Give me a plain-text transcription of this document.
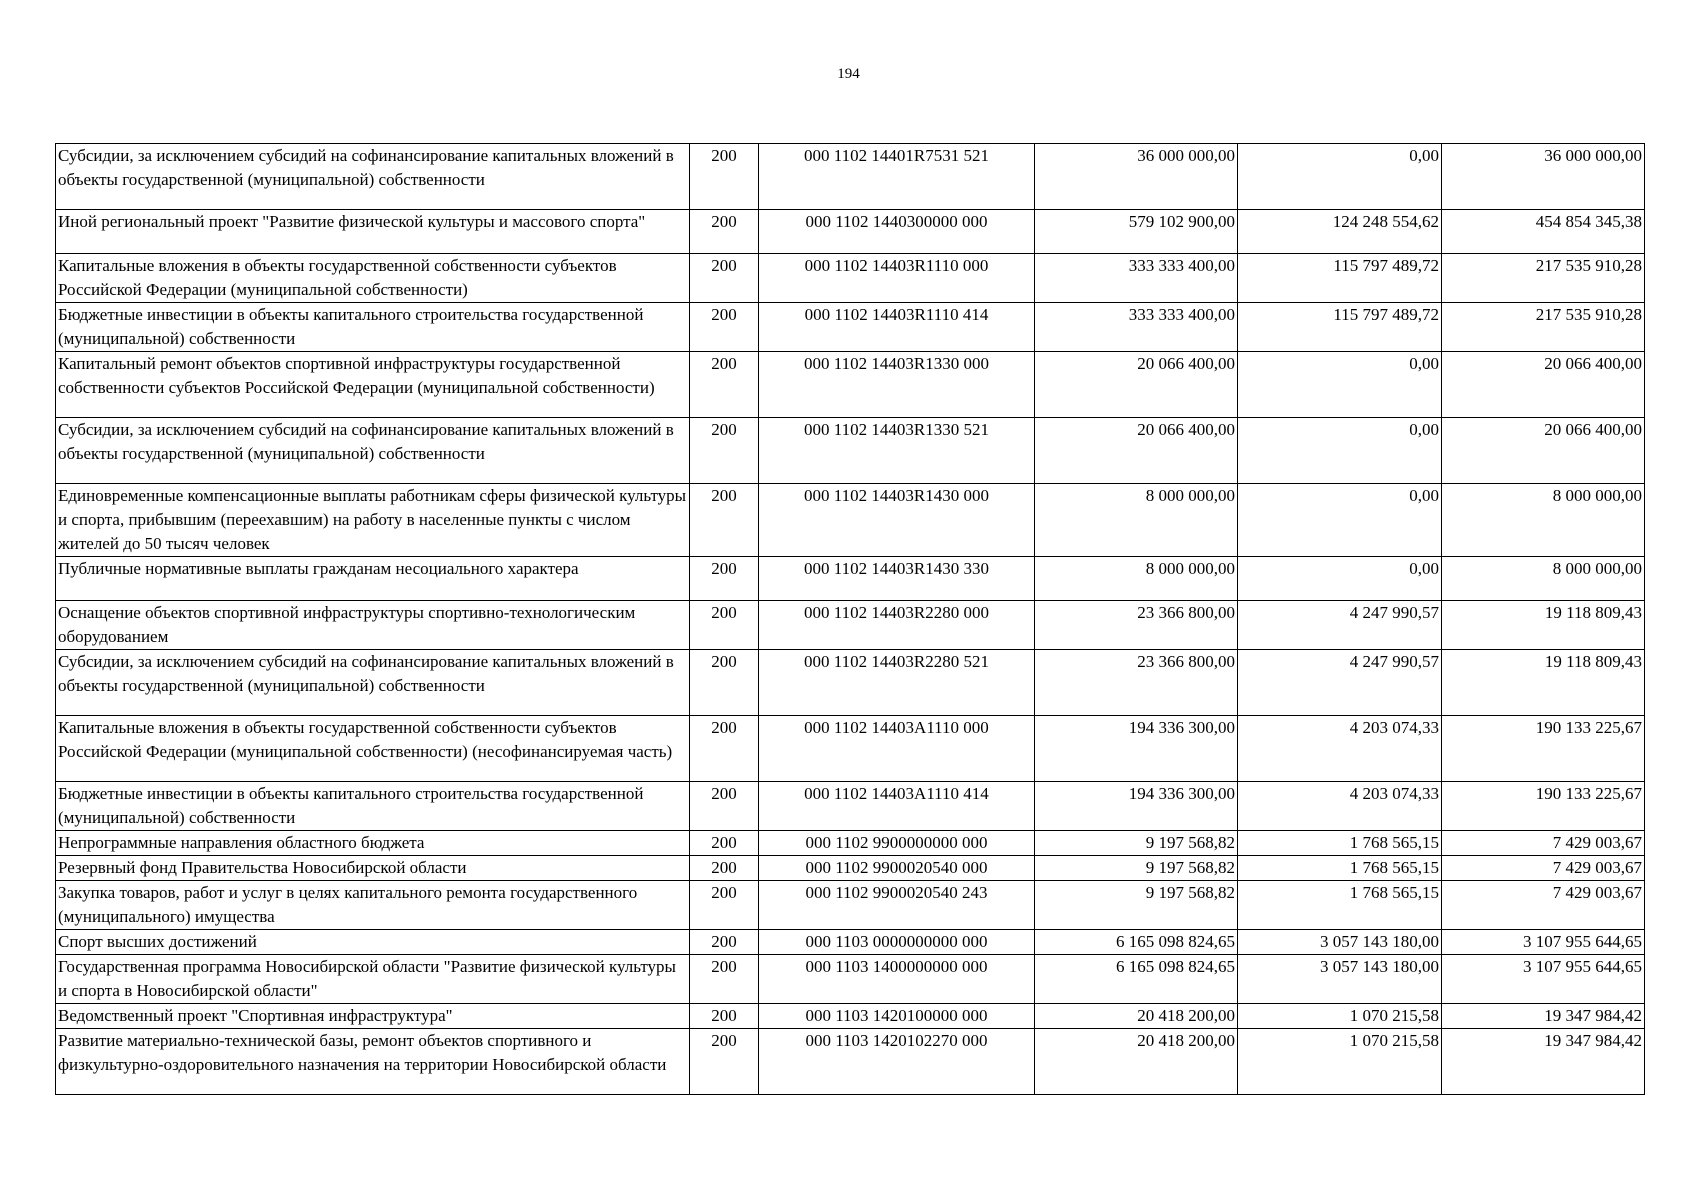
194
Субсидии, за исключением субсидий на софинансирование капитальных вложений в объекты государственной (муниципальной) собственности	200	000 1102 14401R7531 521	36 000 000,00	0,00	36 000 000,00
Иной региональный проект "Развитие физической культуры и массового спорта"	200	000 1102 1440300000 000	579 102 900,00	124 248 554,62	454 854 345,38
Капитальные вложения в объекты государственной собственности субъектов Российской Федерации (муниципальной собственности)	200	000 1102 14403R1110 000	333 333 400,00	115 797 489,72	217 535 910,28
Бюджетные инвестиции в объекты капитального строительства государственной (муниципальной) собственности	200	000 1102 14403R1110 414	333 333 400,00	115 797 489,72	217 535 910,28
Капитальный ремонт объектов спортивной инфраструктуры государственной собственности субъектов Российской Федерации (муниципальной собственности)	200	000 1102 14403R1330 000	20 066 400,00	0,00	20 066 400,00
Субсидии, за исключением субсидий на софинансирование капитальных вложений в объекты государственной (муниципальной) собственности	200	000 1102 14403R1330 521	20 066 400,00	0,00	20 066 400,00
Единовременные компенсационные выплаты работникам сферы физической культуры и спорта, прибывшим (переехавшим) на работу в населенные пункты с числом жителей до 50 тысяч человек	200	000 1102 14403R1430 000	8 000 000,00	0,00	8 000 000,00
Публичные нормативные выплаты гражданам несоциального характера	200	000 1102 14403R1430 330	8 000 000,00	0,00	8 000 000,00
Оснащение объектов спортивной инфраструктуры спортивно-технологическим оборудованием	200	000 1102 14403R2280 000	23 366 800,00	4 247 990,57	19 118 809,43
Субсидии, за исключением субсидий на софинансирование капитальных вложений в объекты государственной (муниципальной) собственности	200	000 1102 14403R2280 521	23 366 800,00	4 247 990,57	19 118 809,43
Капитальные вложения в объекты государственной собственности субъектов Российской Федерации (муниципальной собственности) (несофинансируемая часть)	200	000 1102 14403A1110 000	194 336 300,00	4 203 074,33	190 133 225,67
Бюджетные инвестиции в объекты капитального строительства государственной (муниципальной) собственности	200	000 1102 14403A1110 414	194 336 300,00	4 203 074,33	190 133 225,67
Непрограммные направления областного бюджета	200	000 1102 9900000000 000	9 197 568,82	1 768 565,15	7 429 003,67
Резервный фонд Правительства Новосибирской области	200	000 1102 9900020540 000	9 197 568,82	1 768 565,15	7 429 003,67
Закупка товаров, работ и услуг в целях капитального ремонта государственного (муниципального) имущества	200	000 1102 9900020540 243	9 197 568,82	1 768 565,15	7 429 003,67
Спорт высших достижений	200	000 1103 0000000000 000	6 165 098 824,65	3 057 143 180,00	3 107 955 644,65
Государственная программа Новосибирской области "Развитие физической культуры и спорта в Новосибирской области"	200	000 1103 1400000000 000	6 165 098 824,65	3 057 143 180,00	3 107 955 644,65
Ведомственный проект "Спортивная инфраструктура"	200	000 1103 1420100000 000	20 418 200,00	1 070 215,58	19 347 984,42
Развитие материально-технической базы, ремонт объектов спортивного и физкультурно-оздоровительного назначения на территории Новосибирской области	200	000 1103 1420102270 000	20 418 200,00	1 070 215,58	19 347 984,42
